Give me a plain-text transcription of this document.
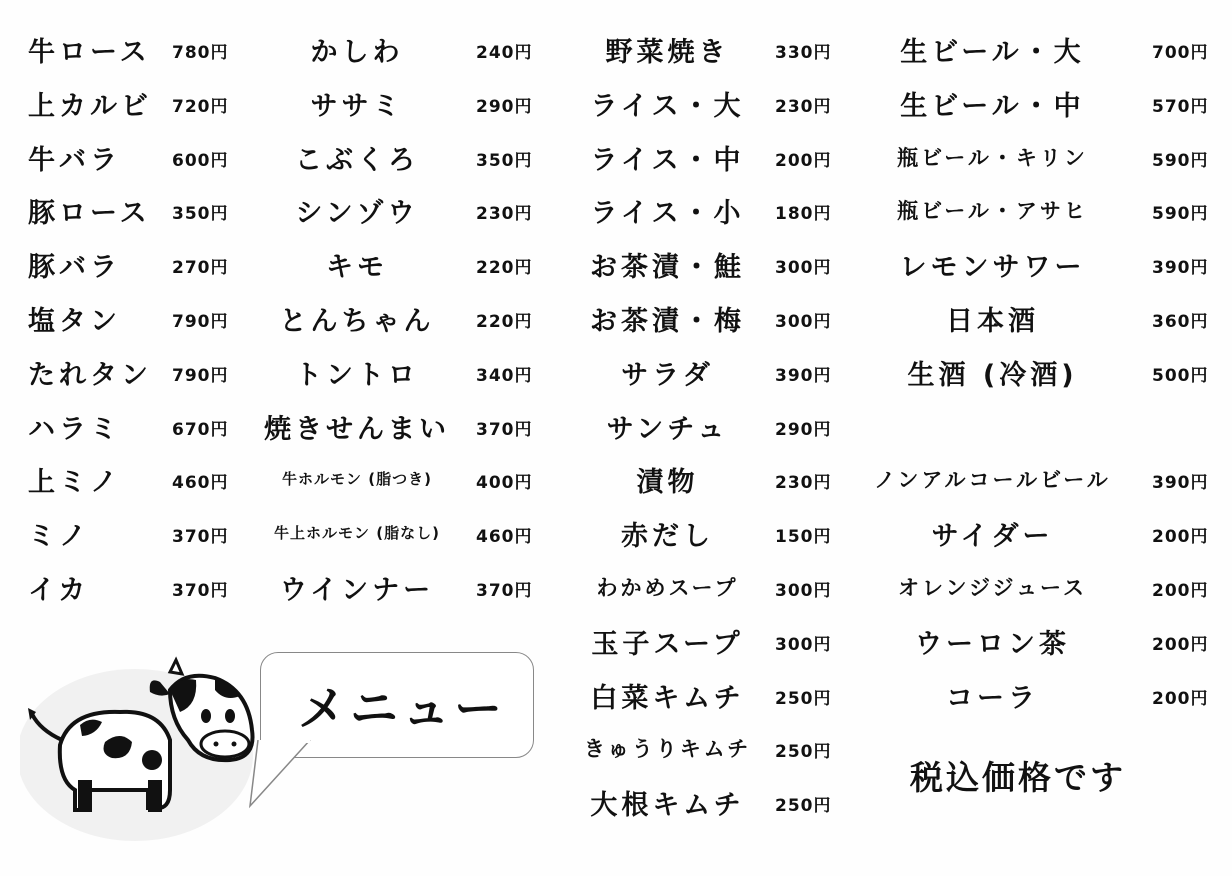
牛ロース	780円
上カルビ	720円
牛バラ	600円
豚ロース	350円
豚バラ	270円
塩タン	790円
たれタン	790円
ハラミ	670円
上ミノ	460円
ミノ	370円
イカ	370円
かしわ	240円
ササミ	290円
こぶくろ	350円
シンゾウ	230円
キモ	220円
とんちゃん	220円
トントロ	340円
焼きせんまい 370円
牛ホルモン (脂つき)	400円
牛上ホルモン (脂なし)	460円
ウインナー	370円
野菜焼き	330円
ライス・大	230円
ライス・中	200円
ライス・小	180円
お茶漬・鮭	300円
お茶漬・梅	300円
サラダ	390円
サンチュ	290円
漬物	230円
赤だし	150円
わかめスープ	300円
玉子スープ	300円
白菜キムチ	250円
きゅうりキムチ 250円
大根キムチ	250円
生ビール・大	700円
生ビール・中	570円
瓶ビール・キリン	590円
瓶ビール・アサヒ	590円
レモンサワー	390円
日本酒	360円
生酒 (冷酒)	500円
ノンアルコールビール 390円
サイダー	200円
オレンジジュース	200円
ウーロン茶	200円
コーラ	200円
メニュー
税込価格です
